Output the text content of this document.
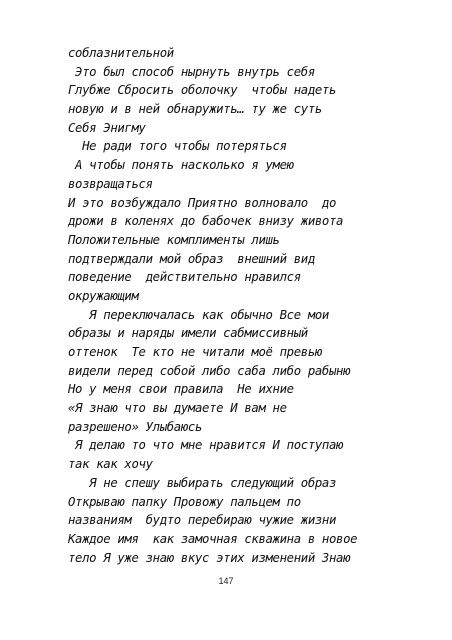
соблазнительной
Это был способ нырнуть внутрь себя
Глубже Сбросить оболочку  чтобы надеть
новую и в ней обнаружить… ту же суть
Себя Энигму
Не ради того чтобы потеряться
А чтобы понять насколько я умею
возвращаться
И это возбуждало Приятно волновало  до
дрожи в коленях до бабочек внизу живота
Положительные комплименты лишь
подтверждали мой образ  внешний вид
поведение  действительно нравился
окружающим
Я переключалась как обычно Все мои
образы и наряды имели сабмиссивный
оттенок  Те кто не читали моё превью
видели перед собой либо саба либо рабыню
Но у меня свои правила  Не ихние
«Я знаю что вы думаете И вам не
разрешено» Улыбаюсь
Я делаю то что мне нравится И поступаю
так как хочу
Я не спешу выбирать следующий образ
Открываю папку Провожу пальцем по
названиям  будто перебираю чужие жизни
Каждое имя  как замочная скважина в новое
тело Я уже знаю вкус этих изменений Знаю
147
